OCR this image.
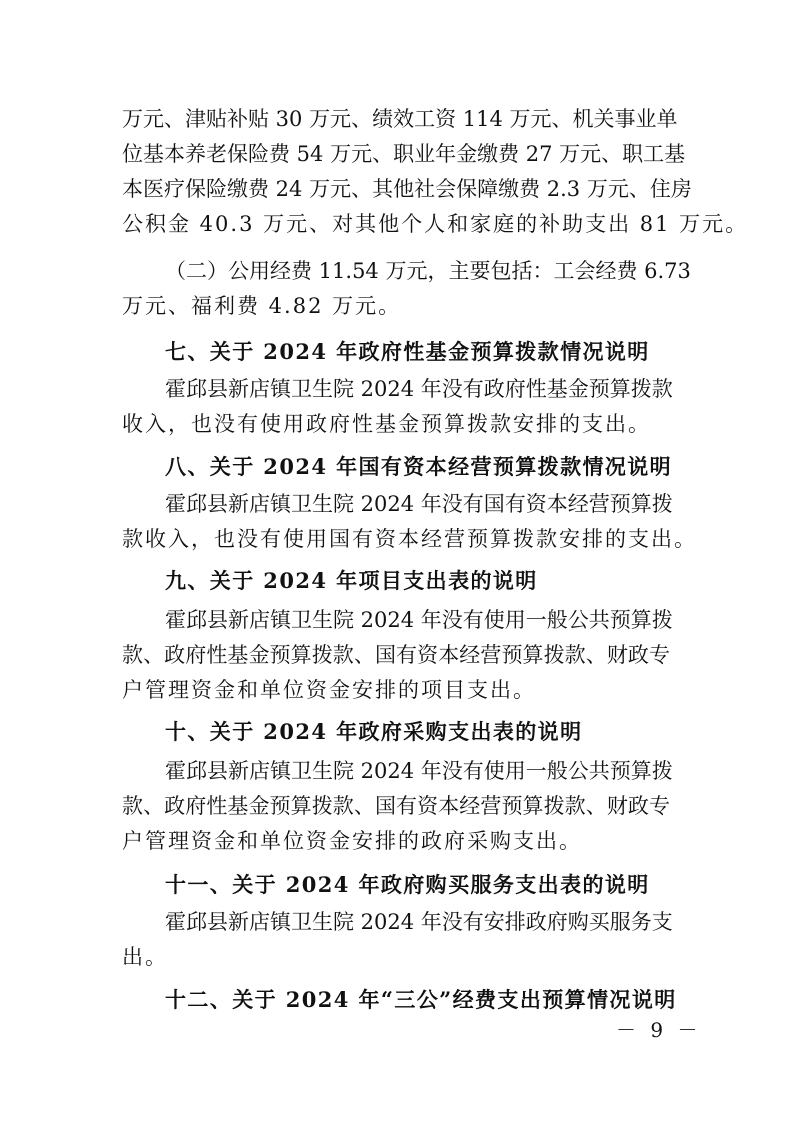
万元、津贴补贴 30 万元、绩效工资 114 万元、机关事业单
位基本养老保险费 54 万元、职业年金缴费 27 万元、职工基
本医疗保险缴费 24 万元、其他社会保障缴费 2.3 万元、住房
公积金 40.3 万元、对其他个人和家庭的补助支出 81 万元。
（二）公用经费 11.54 万元，主要包括：工会经费 6.73
万元、福利费 4.82 万元。
七、关于 2024 年政府性基金预算拨款情况说明
霍邱县新店镇卫生院 2024 年没有政府性基金预算拨款
收入，也没有使用政府性基金预算拨款安排的支出。
八、关于 2024 年国有资本经营预算拨款情况说明
霍邱县新店镇卫生院 2024 年没有国有资本经营预算拨
款收入，也没有使用国有资本经营预算拨款安排的支出。
九、关于 2024 年项目支出表的说明
霍邱县新店镇卫生院 2024 年没有使用一般公共预算拨
款、政府性基金预算拨款、国有资本经营预算拨款、财政专
户管理资金和单位资金安排的项目支出。
十、关于 2024 年政府采购支出表的说明
霍邱县新店镇卫生院 2024 年没有使用一般公共预算拨
款、政府性基金预算拨款、国有资本经营预算拨款、财政专
户管理资金和单位资金安排的政府采购支出。
十一、关于 2024 年政府购买服务支出表的说明
霍邱县新店镇卫生院 2024 年没有安排政府购买服务支
出。
十二、关于 2024 年“三公”经费支出预算情况说明
－ 9 －
